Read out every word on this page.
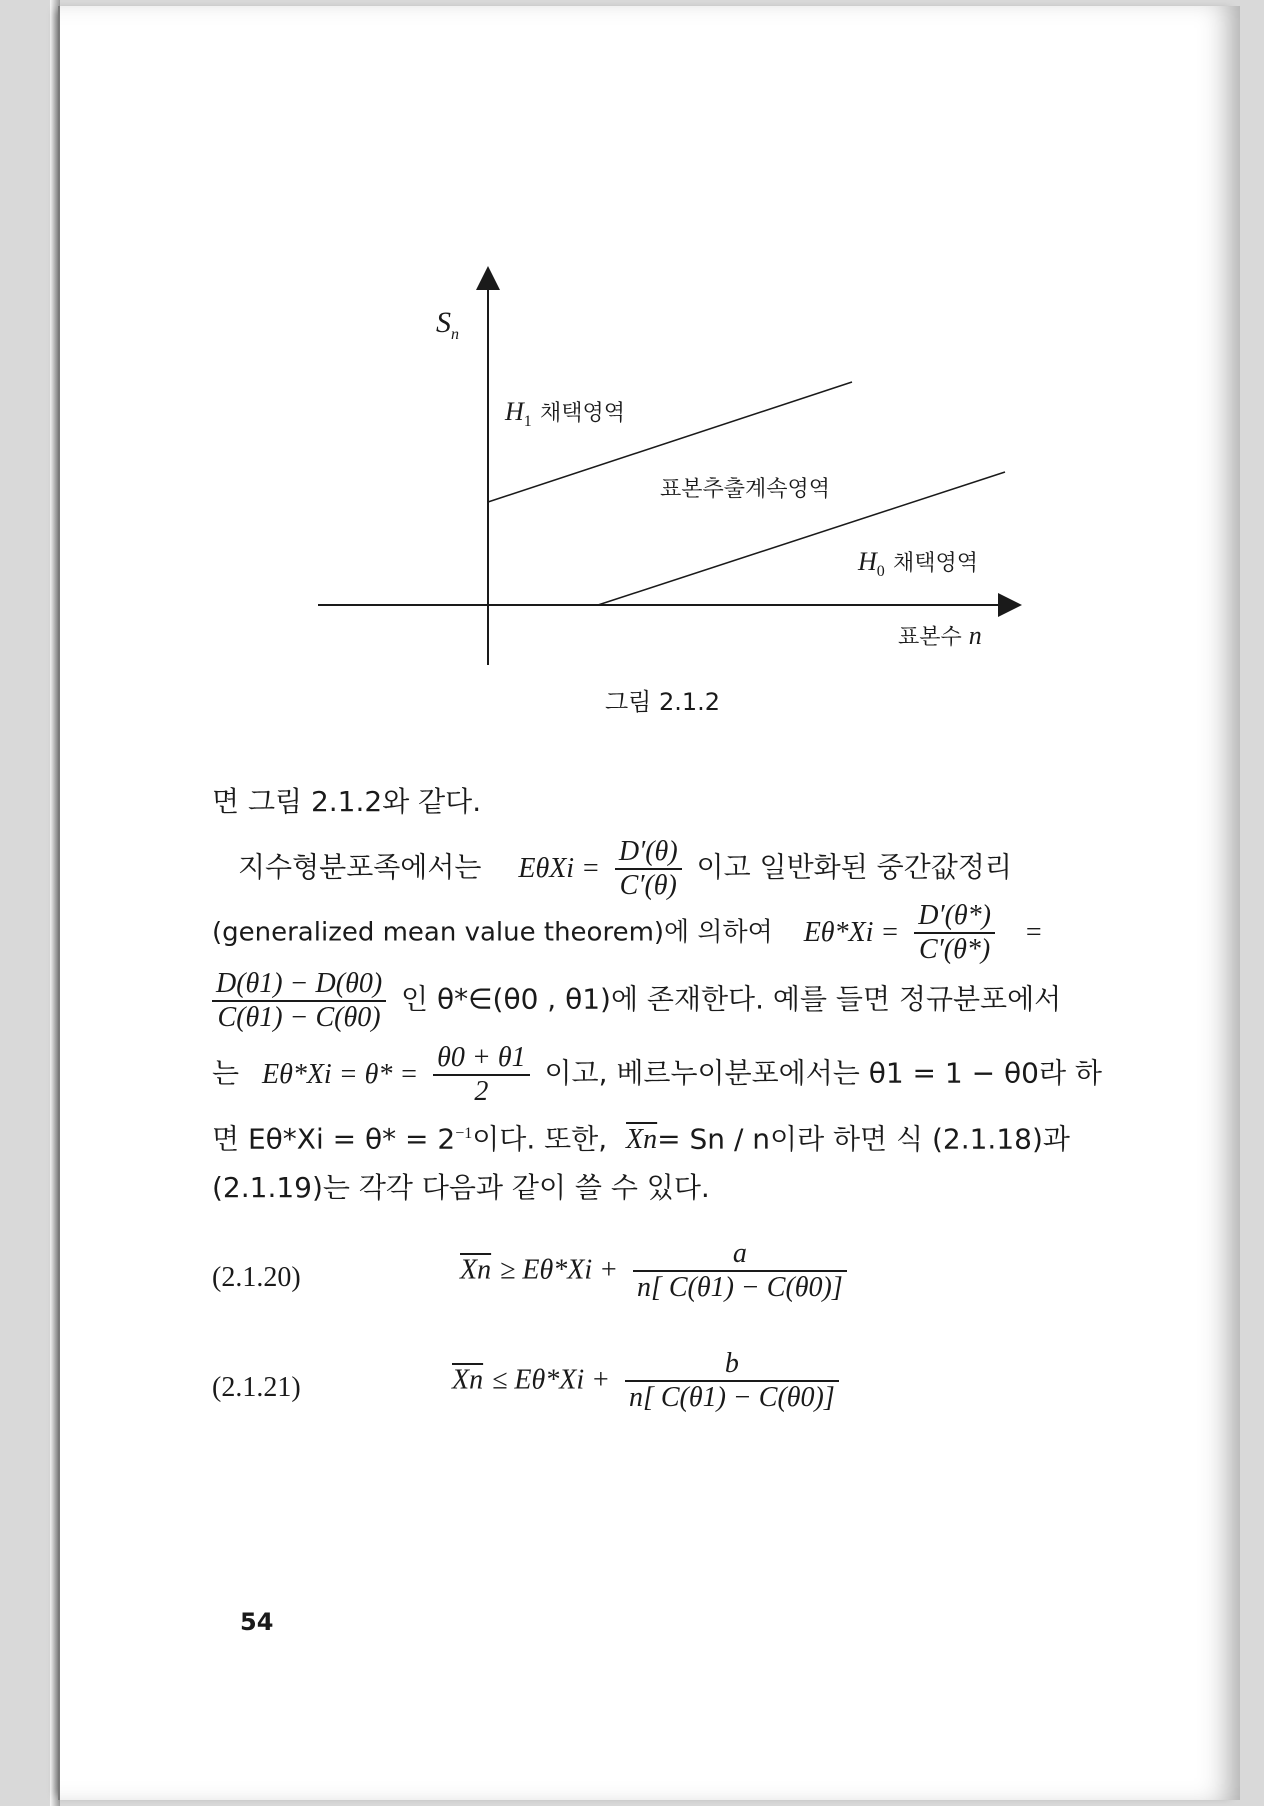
$S_n$
$H_1$ 채택영역
표본추출계속영역
$H_0$ 채택영역
표본수 n
그림 2.1.2
면 그림 2.1.2와 같다.
지수형분포족에서는 $E\theta Xi = \frac{D'(\theta)}{C'(\theta)}$ 이고 일반화된 중간값정리
(generalized mean value theorem)에 의하여 $E\theta*Xi = \frac{D'(\theta*)}{C'(\theta*)}$ =
$\frac{D(\theta 1) - D(\theta 0)}{C(\theta 1) - C(\theta 0)}$ 인 θ*∈(θ0 , θ1)에 존재한다. 예를 들면 정규분포에서
는 $E\theta*Xi = \theta* = \frac{\theta 0 + \theta 1}{2}$ 이고, 베르누이분포에서는 θ1 = 1 − θ0라 하
면 $E\theta*Xi = \theta* = 2^{-1}$이다. 또한, $\overline{Xn}= Sn / n$이라 하면 식 (2.1.18)과
(2.1.19)는 각각 다음과 같이 쓸 수 있다.
(2.1.20)	$\overline{Xn} \ge E\theta*Xi + \frac{a}{n[ C(\theta 1) - C(\theta 0)]}$
(2.1.21)	$\overline{Xn} \le E\theta*Xi + \frac{b}{n[ C(\theta 1) - C(\theta 0)]}$
54
